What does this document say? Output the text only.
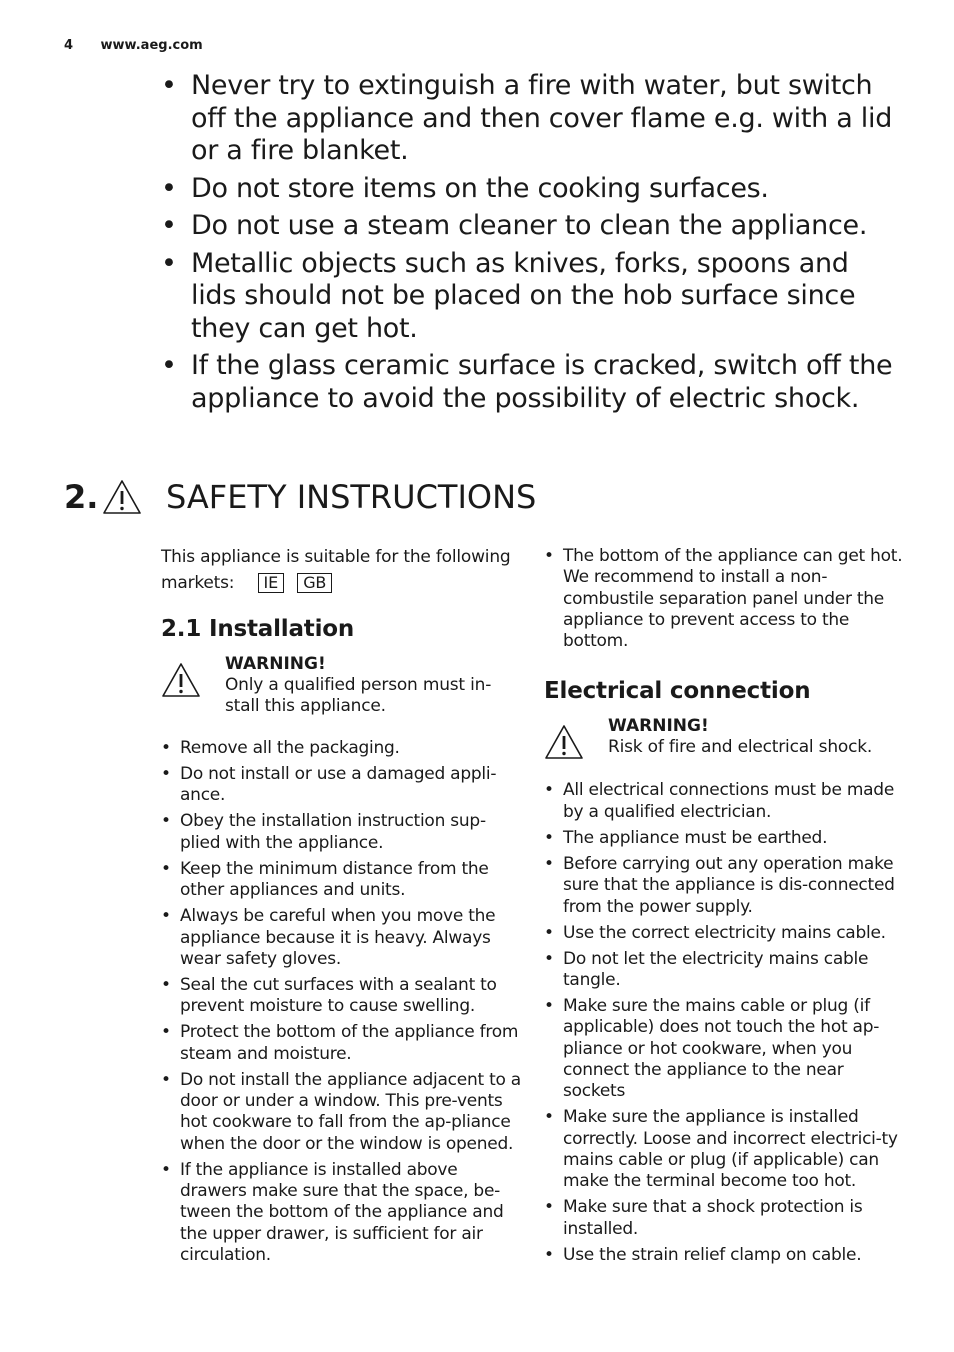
4 www.aeg.com
• Never try to extinguish a fire with water, but switch off the appliance and then cover flame e.g. with a lid or a fire blanket.
• Do not store items on the cooking surfaces.
• Do not use a steam cleaner to clean the appliance.
• Metallic objects such as knives, forks, spoons and lids should not be placed on the hob surface since they can get hot.
• If the glass ceramic surface is cracked, switch off the appliance to avoid the possibility of electric shock.
2. SAFETY INSTRUCTIONS
This appliance is suitable for the following markets: IE GB
2.1 Installation
WARNING!
Only a qualified person must in-stall this appliance.
• Remove all the packaging.
• Do not install or use a damaged appli-ance.
• Obey the installation instruction sup-plied with the appliance.
• Keep the minimum distance from the other appliances and units.
• Always be careful when you move the appliance because it is heavy. Always wear safety gloves.
• Seal the cut surfaces with a sealant to prevent moisture to cause swelling.
• Protect the bottom of the appliance from steam and moisture.
• Do not install the appliance adjacent to a door or under a window. This pre-vents hot cookware to fall from the ap-pliance when the door or the window is opened.
• If the appliance is installed above drawers make sure that the space, be-tween the bottom of the appliance and the upper drawer, is sufficient for air circulation.
• The bottom of the appliance can get hot. We recommend to install a non-combustile separation panel under the appliance to prevent access to the bottom.
Electrical connection
WARNING!
Risk of fire and electrical shock.
• All electrical connections must be made by a qualified electrician.
• The appliance must be earthed.
• Before carrying out any operation make sure that the appliance is dis-connected from the power supply.
• Use the correct electricity mains cable.
• Do not let the electricity mains cable tangle.
• Make sure the mains cable or plug (if applicable) does not touch the hot ap-pliance or hot cookware, when you connect the appliance to the near sockets
• Make sure the appliance is installed correctly. Loose and incorrect electrici-ty mains cable or plug (if applicable) can make the terminal become too hot.
• Make sure that a shock protection is installed.
• Use the strain relief clamp on cable.
